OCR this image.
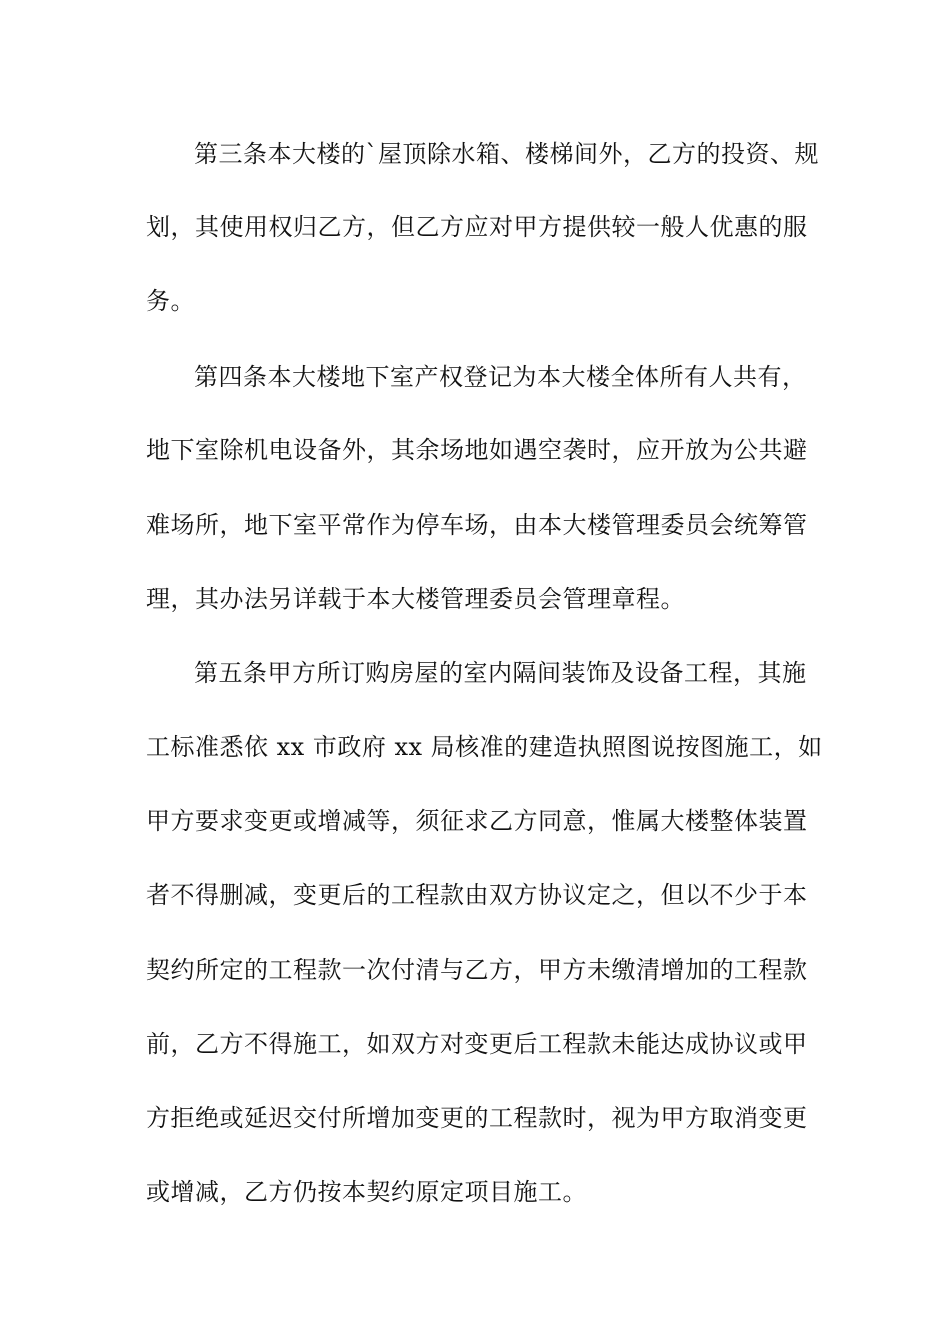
第三条本大楼的`屋顶除水箱、楼梯间外，乙方的投资、规
划，其使用权归乙方，但乙方应对甲方提供较一般人优惠的服
务。
第四条本大楼地下室产权登记为本大楼全体所有人共有，
地下室除机电设备外，其余场地如遇空袭时，应开放为公共避
难场所，地下室平常作为停车场，由本大楼管理委员会统筹管
理，其办法另详载于本大楼管理委员会管理章程。
第五条甲方所订购房屋的室内隔间装饰及设备工程，其施
工标准悉依 xx 市政府 xx 局核准的建造执照图说按图施工，如
甲方要求变更或增减等，须征求乙方同意，惟属大楼整体装置
者不得删减，变更后的工程款由双方协议定之，但以不少于本
契约所定的工程款一次付清与乙方，甲方未缴清增加的工程款
前，乙方不得施工，如双方对变更后工程款未能达成协议或甲
方拒绝或延迟交付所增加变更的工程款时，视为甲方取消变更
或增减，乙方仍按本契约原定项目施工。
